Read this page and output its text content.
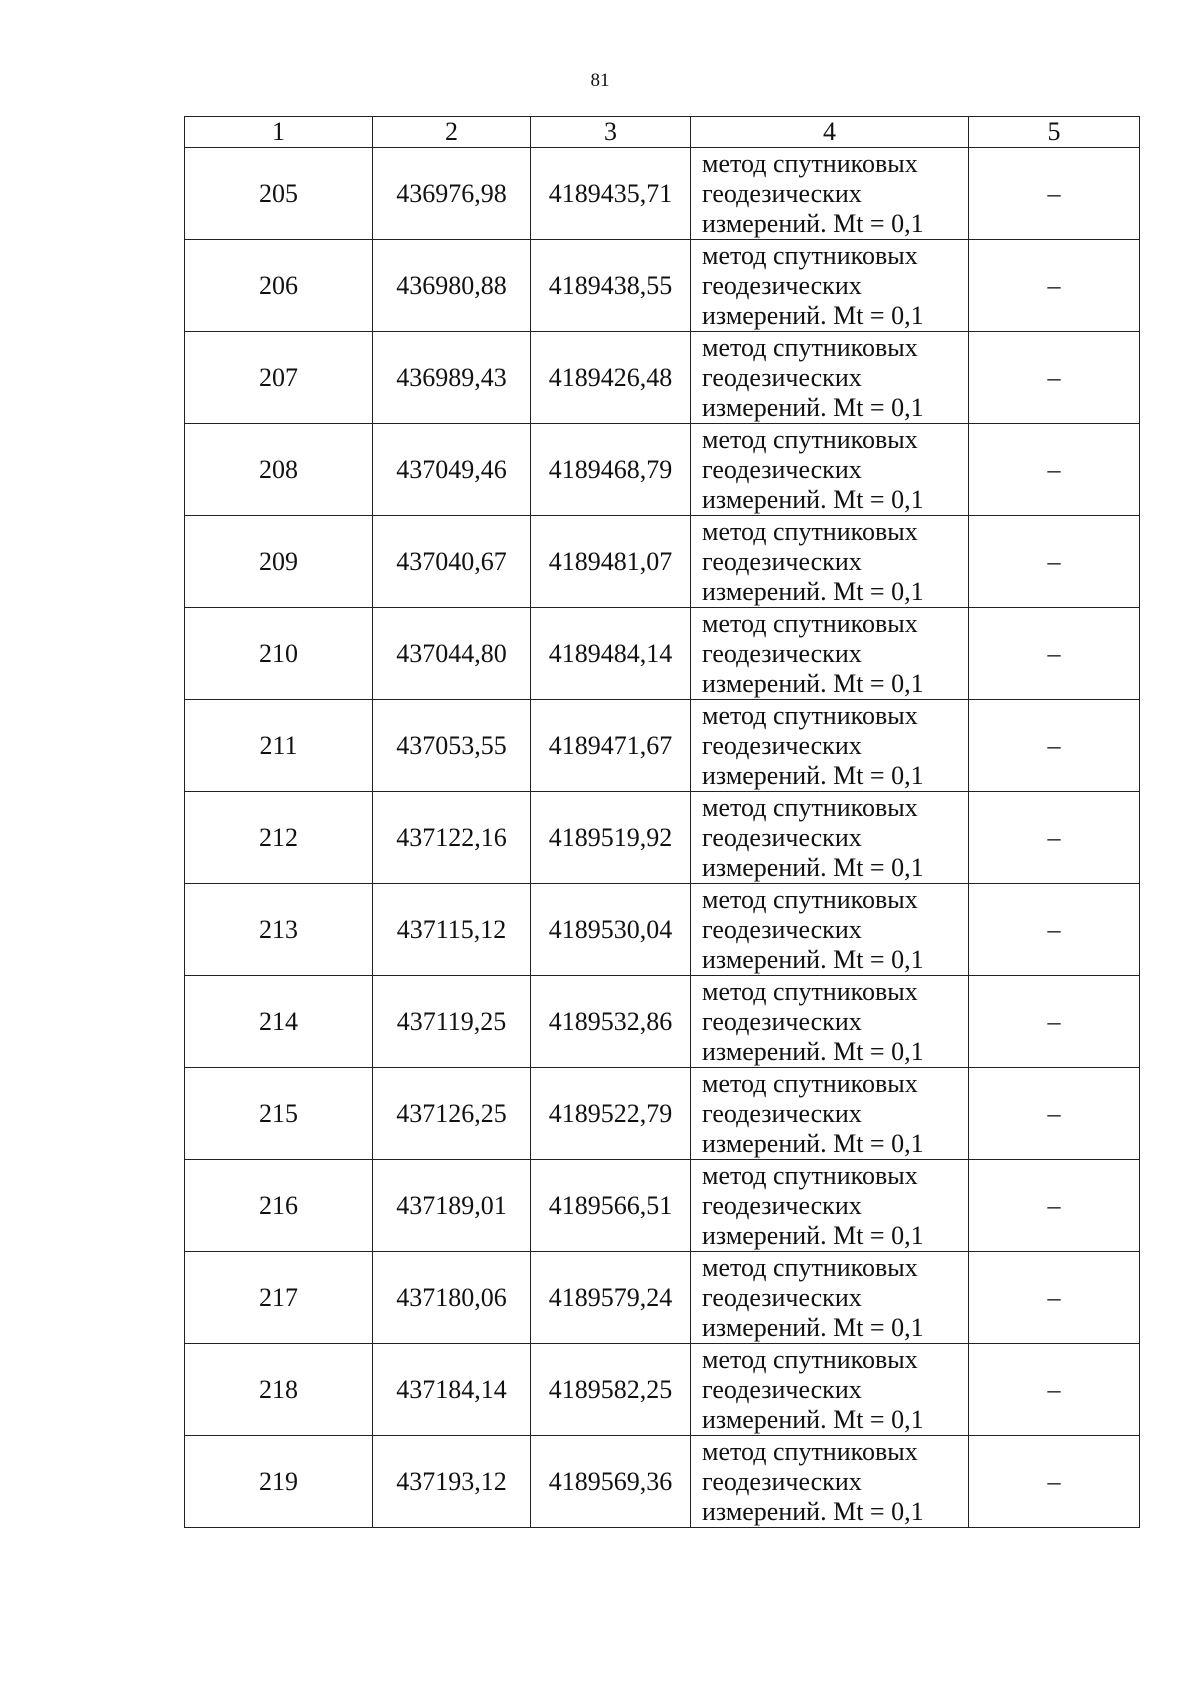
81
1	2	3	4	5
205	436976,98	4189435,71	метод спутниковых
геодезических
измерений. Mt = 0,1	–
206	436980,88	4189438,55	метод спутниковых
геодезических
измерений. Mt = 0,1	–
207	436989,43	4189426,48	метод спутниковых
геодезических
измерений. Mt = 0,1	–
208	437049,46	4189468,79	метод спутниковых
геодезических
измерений. Mt = 0,1	–
209	437040,67	4189481,07	метод спутниковых
геодезических
измерений. Mt = 0,1	–
210	437044,80	4189484,14	метод спутниковых
геодезических
измерений. Mt = 0,1	–
211	437053,55	4189471,67	метод спутниковых
геодезических
измерений. Mt = 0,1	–
212	437122,16	4189519,92	метод спутниковых
геодезических
измерений. Mt = 0,1	–
213	437115,12	4189530,04	метод спутниковых
геодезических
измерений. Mt = 0,1	–
214	437119,25	4189532,86	метод спутниковых
геодезических
измерений. Mt = 0,1	–
215	437126,25	4189522,79	метод спутниковых
геодезических
измерений. Mt = 0,1	–
216	437189,01	4189566,51	метод спутниковых
геодезических
измерений. Mt = 0,1	–
217	437180,06	4189579,24	метод спутниковых
геодезических
измерений. Mt = 0,1	–
218	437184,14	4189582,25	метод спутниковых
геодезических
измерений. Mt = 0,1	–
219	437193,12	4189569,36	метод спутниковых
геодезических
измерений. Mt = 0,1	–
